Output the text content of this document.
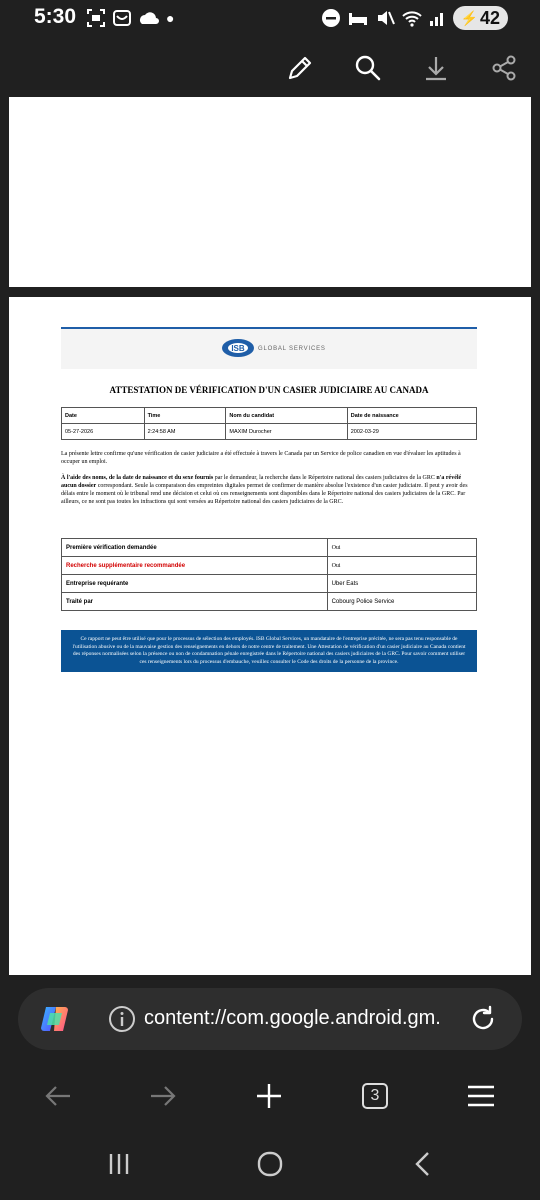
5:30	●	⚡ 42
ISB GLOBAL SERVICES
ATTESTATION DE VÉRIFICATION D'UN CASIER JUDICIAIRE AU CANADA
Date	Time	Nom du candidat	Date de naissance
05-27-2026	2:24:58 AM	MAXIM Durocher	2002-03-29

La présente lettre confirme qu'une vérification de casier judiciaire a été effectuée à travers le Canada par un Service de police canadien en vue d'évaluer les aptitudes à occuper un emploi.

À l'aide des noms, de la date de naissance et du sexe fournis par le demandeur, la recherche dans le Répertoire national des casiers judiciaires de la GRC n'a révélé aucun dossier correspondant. Seule la comparaison des empreintes digitales permet de confirmer de manière absolue l'existence d'un casier judiciaire. Il peut y avoir des délais entre le moment où le tribunal rend une décision et celui où ces renseignements sont disponibles dans le Répertoire national des casiers judiciaires de la GRC. Par ailleurs, ce ne sont pas toutes les infractions qui sont versées au Répertoire national des casiers judiciaires de la GRC.

Première vérification demandée	Oui
Recherche supplémentaire recommandée	Oui
Entreprise requérante	Uber Eats
Traité par	Cobourg Police Service
Ce rapport ne peut être utilisé que pour le processus de sélection des employés. ISB Global Services, un mandataire de l'entreprise précitée, ne sera pas tenu responsable de l'utilisation abusive ou de la mauvaise gestion des renseignements en dehors de notre centre de traitement. Une Attestation de vérification d'un casier judiciaire au Canada contient des réponses normalisées selon la présence ou non de condamnation pénale enregistrée dans le Répertoire national des casiers judiciaires de la GRC. Pour savoir comment utiliser ces renseignements lors du processus d'embauche, veuillez consulter le Code des droits de la personne de la province.
content://com.google.android.gm.
3
